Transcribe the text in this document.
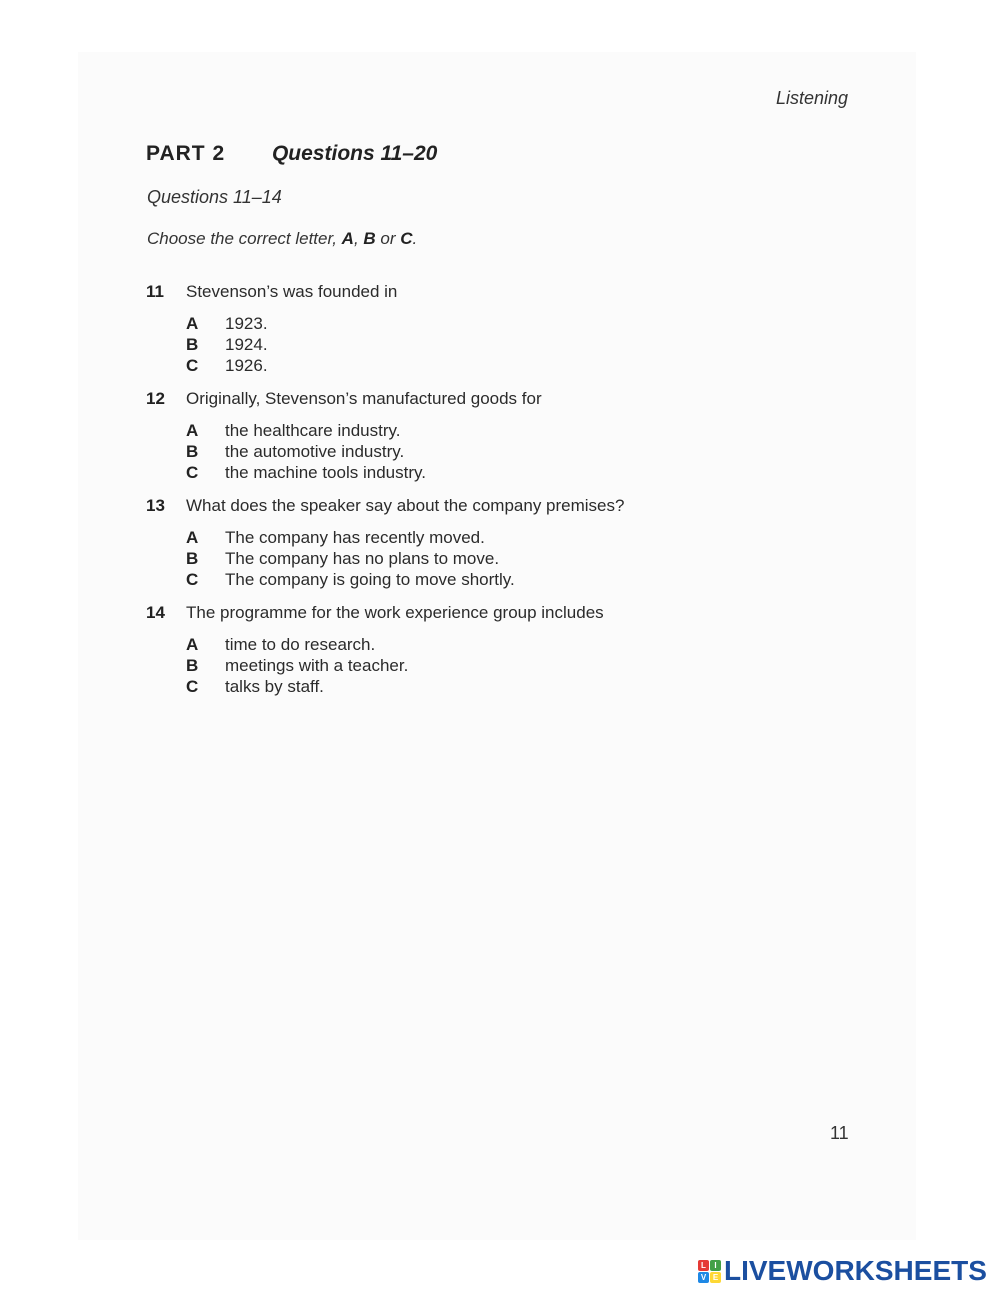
Listening
PART 2 Questions 11–20
Questions 11–14
Choose the correct letter, A, B or C.
11	Stevenson’s was founded in
A	1923.
B	1924.
C	1926.
12	Originally, Stevenson’s manufactured goods for
A	the healthcare industry.
B	the automotive industry.
C	the machine tools industry.
13	What does the speaker say about the company premises?
A	The company has recently moved.
B	The company has no plans to move.
C	The company is going to move shortly.
14	The programme for the work experience group includes
A	time to do research.
B	meetings with a teacher.
C	talks by staff.
11
L	I
V E LIVEWORKSHEETS
